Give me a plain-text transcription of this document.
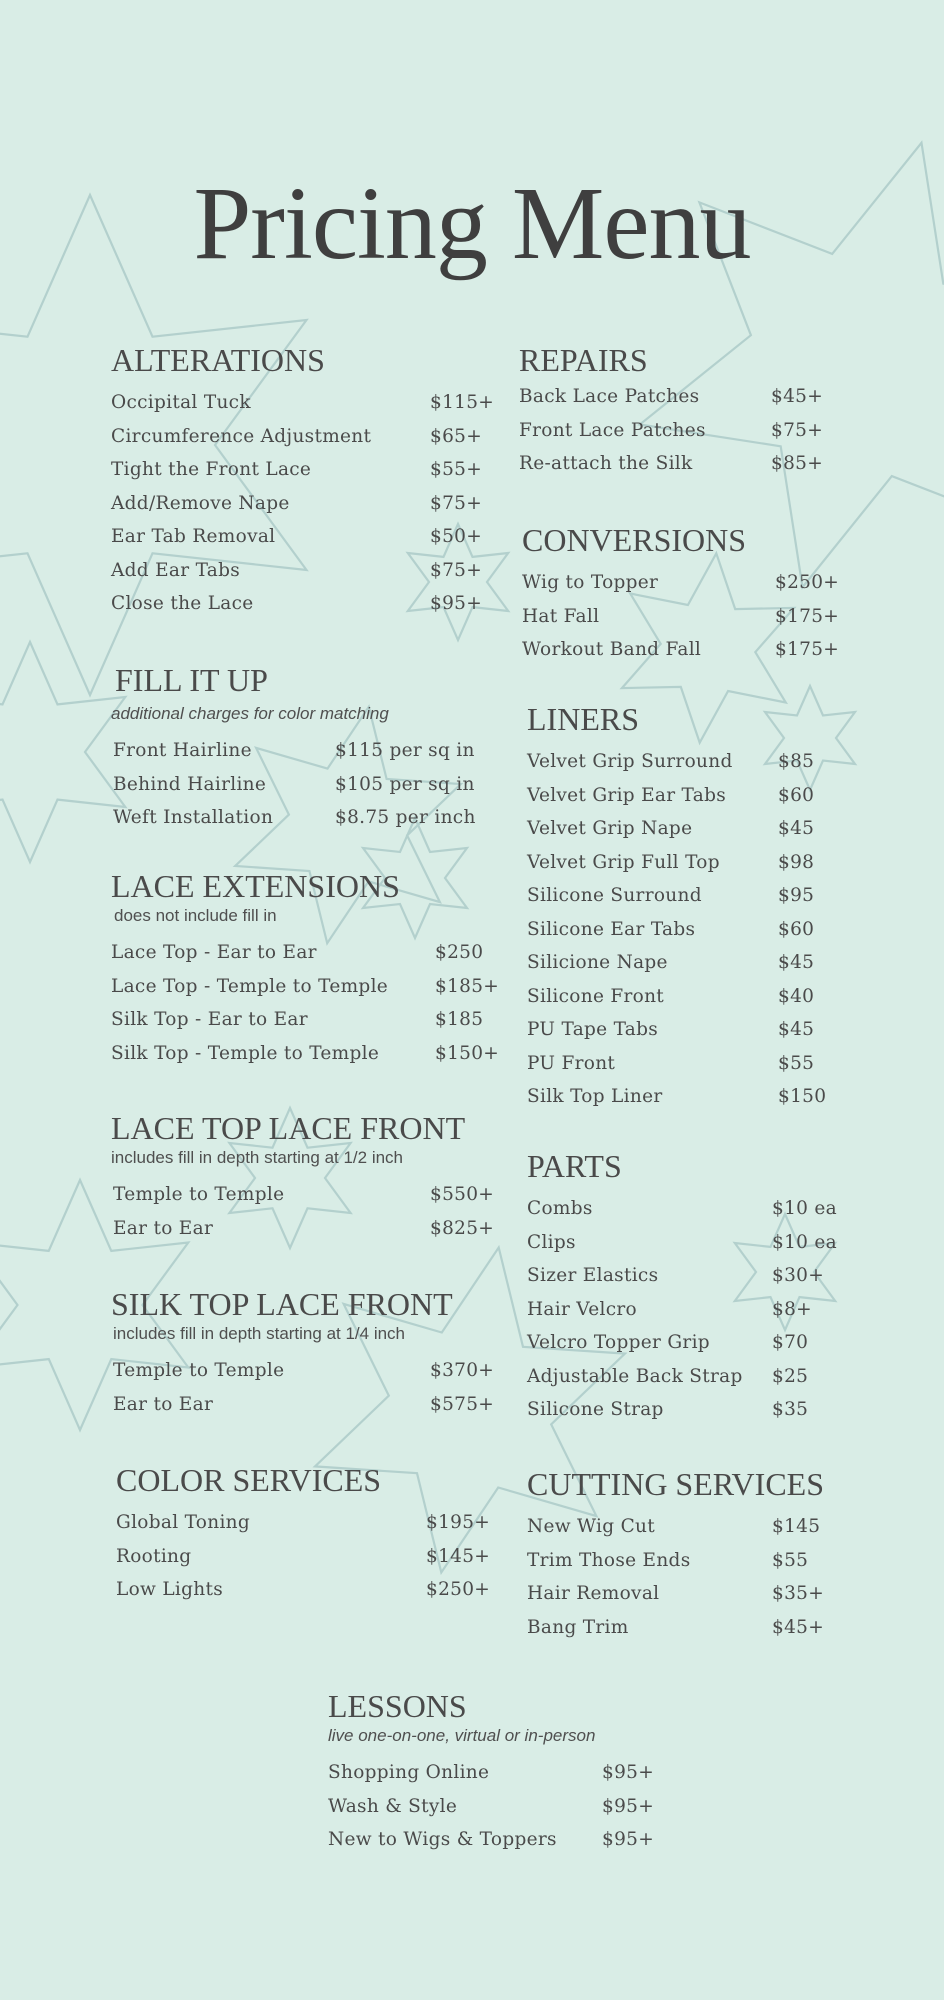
Pricing Menu
ALTERATIONS
Occipital Tuck	$115+
Circumference Adjustment	$65+
Tight the Front Lace	$55+
Add/Remove Nape	$75+
Ear Tab Removal	$50+
Add Ear Tabs	$75+
Close the Lace	$95+
FILL IT UP
additional charges for color matching
Front Hairline	$115 per sq in
Behind Hairline	$105 per sq in
Weft Installation	$8.75 per inch
LACE EXTENSIONS
does not include fill in
Lace Top - Ear to Ear	$250
Lace Top - Temple to Temple	$185+
Silk Top - Ear to Ear	$185
Silk Top - Temple to Temple	$150+
LACE TOP LACE FRONT
includes fill in depth starting at 1/2 inch
Temple to Temple	$550+
Ear to Ear	$825+
SILK TOP LACE FRONT
includes fill in depth starting at 1/4 inch
Temple to Temple	$370+
Ear to Ear	$575+
COLOR SERVICES
Global Toning	$195+
Rooting	$145+
Low Lights	$250+
REPAIRS
Back Lace Patches	$45+
Front Lace Patches	$75+
Re-attach the Silk	$85+
CONVERSIONS
Wig to Topper	$250+
Hat Fall	$175+
Workout Band Fall	$175+
LINERS
Velvet Grip Surround $85
Velvet Grip Ear Tabs	$60
Velvet Grip Nape	$45
Velvet Grip Full Top	$98
Silicone Surround	$95
Silicone Ear Tabs	$60
Silicione Nape	$45
Silicone Front	$40
PU Tape Tabs	$45
PU Front	$55
Silk Top Liner	$150
PARTS
Combs	$10 ea
Clips	$10 ea
Sizer Elastics	$30+
Hair Velcro	$8+
Velcro Topper Grip	$70
Adjustable Back Strap $25
Silicone Strap	$35
CUTTING SERVICES
New Wig Cut	$145
Trim Those Ends	$55
Hair Removal	$35+
Bang Trim	$45+
LESSONS
live one-on-one, virtual or in-person
Shopping Online	$95+
Wash & Style	$95+
New to Wigs & Toppers $95+
